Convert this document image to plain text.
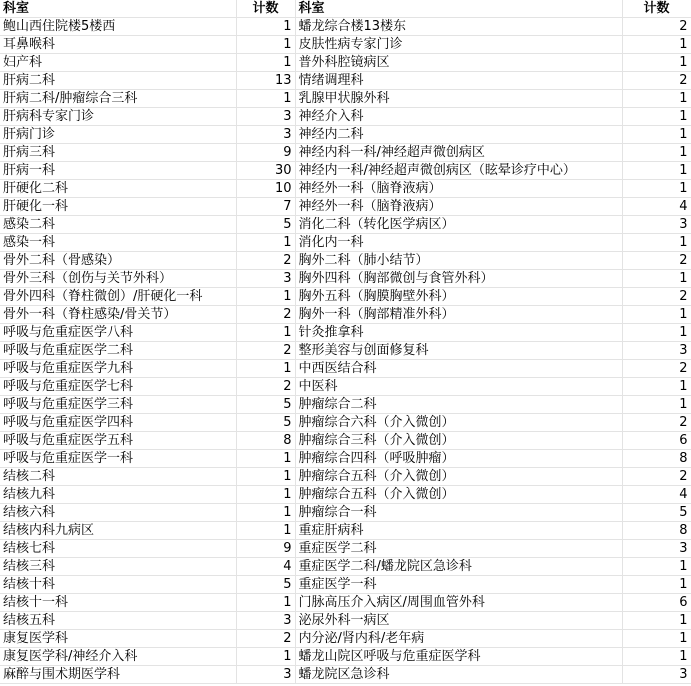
科室	计数	科室	计数
鲍山西住院楼5楼西	1	蟠龙综合楼13楼东	2
耳鼻喉科	1	皮肤性病专家门诊	1
妇产科	1	普外科腔镜病区	1
肝病二科	13	情绪调理科	2
肝病二科/肿瘤综合三科	1	乳腺甲状腺外科	1
肝病科专家门诊	3	神经介入科	1
肝病门诊	3	神经内二科	1
肝病三科	9	神经内科一科/神经超声微创病区	1
肝病一科	30	神经内一科/神经超声微创病区（眩晕诊疗中心）	1
肝硬化二科	10	神经外一科（脑脊液病）	1
肝硬化一科	7	神经外一科（脑脊液病）	4
感染二科	5	消化二科（转化医学病区）	3
感染一科	1	消化内一科	1
骨外二科（骨感染）	2	胸外二科（肺小结节）	2
骨外三科（创伤与关节外科）	3	胸外四科（胸部微创与食管外科）	1
骨外四科（脊柱微创）/肝硬化一科	1	胸外五科（胸膜胸壁外科）	2
骨外一科（脊柱感染/骨关节）	2	胸外一科（胸部精准外科）	1
呼吸与危重症医学八科	1	针灸推拿科	1
呼吸与危重症医学二科	2	整形美容与创面修复科	3
呼吸与危重症医学九科	1	中西医结合科	2
呼吸与危重症医学七科	2	中医科	1
呼吸与危重症医学三科	5	肿瘤综合二科	1
呼吸与危重症医学四科	5	肿瘤综合六科（介入微创）	2
呼吸与危重症医学五科	8	肿瘤综合三科（介入微创）	6
呼吸与危重症医学一科	1	肿瘤综合四科（呼吸肿瘤）	8
结核二科	1	肿瘤综合五科（介入微创）	2
结核九科	1	肿瘤综合五科（介入微创）	4
结核六科	1	肿瘤综合一科	5
结核内科九病区	1	重症肝病科	8
结核七科	9	重症医学二科	3
结核三科	4	重症医学二科/蟠龙院区急诊科	1
结核十科	5	重症医学一科	1
结核十一科	1	门脉高压介入病区/周围血管外科	6
结核五科	3	泌尿外科一病区	1
康复医学科	2	内分泌/肾内科/老年病	1
康复医学科/神经介入科	1	蟠龙山院区呼吸与危重症医学科	1
麻醉与围术期医学科	3	蟠龙院区急诊科	3
